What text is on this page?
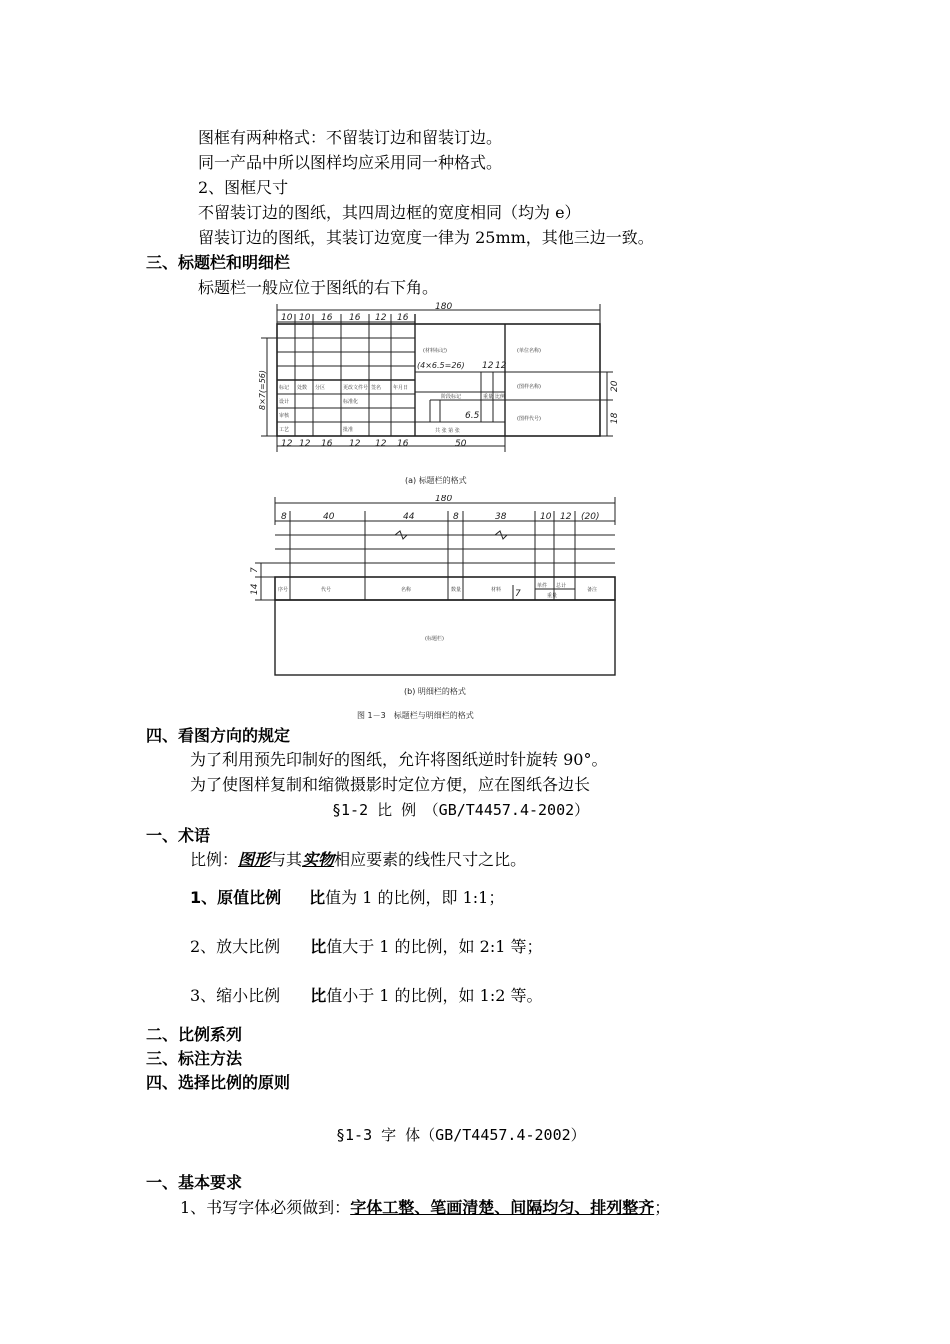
图框有两种格式：不留装订边和留装订边。
同一产品中所以图样均应采用同一种格式。
2、图框尺寸
不留装订边的图纸，其四周边框的宽度相同（均为 e）
留装订边的图纸，其装订边宽度一律为 25mm，其他三边一致。
三、标题栏和明细栏
标题栏一般应位于图纸的右下角。
180
10 10 16 16 12 16
(4×6.5=26) 12 12
6.5
12 12 16 12 12 16	50
8×7(=56)	20
18
(单位名称)
(图样名称)
(图样代号)
(材料标记)
标记 处数 分区	更改文件号 签名 年月日
设计	标准化
审核
工艺	批准
阶段标记	重量 比例
共 张 第 张
(a) 标题栏的格式
180
8	40	44	8	38	10 12 (20)
14
7
7
序号	代号	名称	数量	材料
单件 总计
重量
备注
(标题栏)
(b) 明细栏的格式
图 1－3　标题栏与明细栏的格式
四、看图方向的规定
为了利用预先印制好的图纸，允许将图纸逆时针旋转 90°。
为了使图样复制和缩微摄影时定位方便，应在图纸各边长
§1-2 比 例　（GB/T4457.4-2002）
一、术语
比例：图形与其实物相应要素的线性尺寸之比。
1、原值比例 比值为 1 的比例，即 1:1；
2、放大比例 比值大于 1 的比例，如 2:1 等；
3、缩小比例 比值小于 1 的比例，如 1:2 等。
二、比例系列
三、标注方法
四、选择比例的原则
§1-3 字 体（GB/T4457.4-2002）
一、基本要求
1、书写字体必须做到：字体工整、笔画清楚、间隔均匀、排列整齐；
